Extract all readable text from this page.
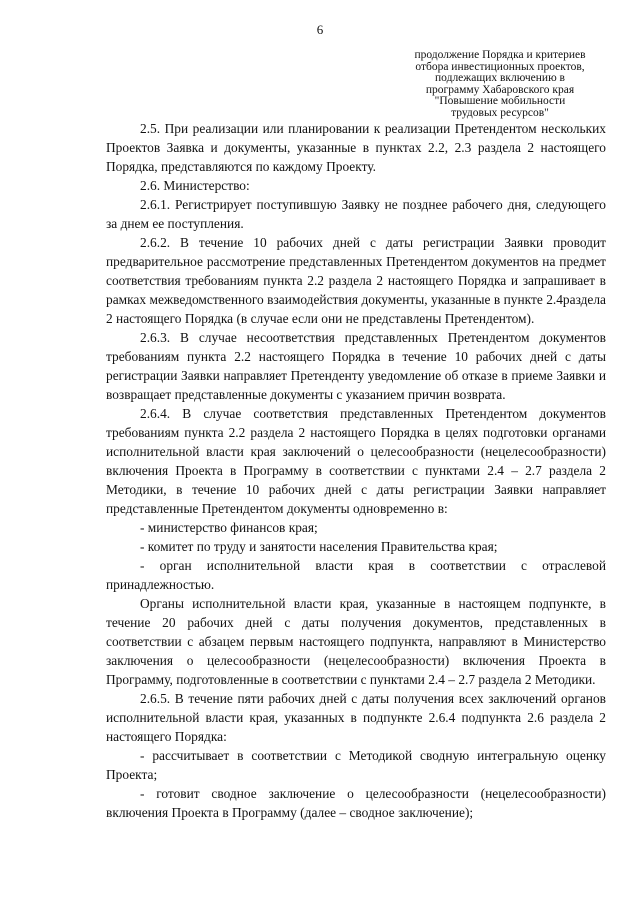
6
продолжение Порядка и критериев
отбора инвестиционных проектов,
подлежащих включению в
программу Хабаровского края
"Повышение мобильности
трудовых ресурсов"

2.5. При реализации или планировании к реализации Претендентом нескольких Проектов Заявка и документы, указанные в пунктах 2.2, 2.3 раздела 2 настоящего Порядка, представляются по каждому Проекту.

2.6. Министерство:

2.6.1. Регистрирует поступившую Заявку не позднее рабочего дня, следующего за днем ее поступления.

2.6.2. В течение 10 рабочих дней с даты регистрации Заявки проводит предварительное рассмотрение представленных Претендентом документов на предмет соответствия требованиям пункта 2.2 раздела 2 настоящего Порядка и запрашивает в рамках межведомственного взаимодействия документы, указанные в пункте 2.4раздела 2 настоящего Порядка (в случае если они не представлены Претендентом).

2.6.3. В случае несоответствия представленных Претендентом документов требованиям пункта 2.2 настоящего Порядка в течение 10 рабочих дней с даты регистрации Заявки направляет Претенденту уведомление об отказе в приеме Заявки и возвращает представленные документы с указанием причин возврата.

2.6.4. В случае соответствия представленных Претендентом документов требованиям пункта 2.2 раздела 2 настоящего Порядка в целях подготовки органами исполнительной власти края заключений о целесообразности (нецелесообразности) включения Проекта в Программу в соответствии с пунктами 2.4 – 2.7 раздела 2 Методики, в течение 10 рабочих дней с даты регистрации Заявки направляет представленные Претендентом документы одновременно в:

- министерство финансов края;

- комитет по труду и занятости населения Правительства края;

- орган исполнительной власти края в соответствии с отраслевой принадлежностью.

Органы исполнительной власти края, указанные в настоящем подпункте, в течение 20 рабочих дней с даты получения документов, представленных в соответствии с абзацем первым настоящего подпункта, направляют в Министерство заключения о целесообразности (нецелесообразности) включения Проекта в Программу, подготовленные в соответствии с пунктами 2.4 – 2.7 раздела 2 Методики.

2.6.5. В течение пяти рабочих дней с даты получения всех заключений органов исполнительной власти края, указанных в подпункте 2.6.4 подпункта 2.6 раздела 2 настоящего Порядка:

- рассчитывает в соответствии с Методикой сводную интегральную оценку Проекта;

- готовит сводное заключение о целесообразности (нецелесообразности) включения Проекта в Программу (далее – сводное заключение);
